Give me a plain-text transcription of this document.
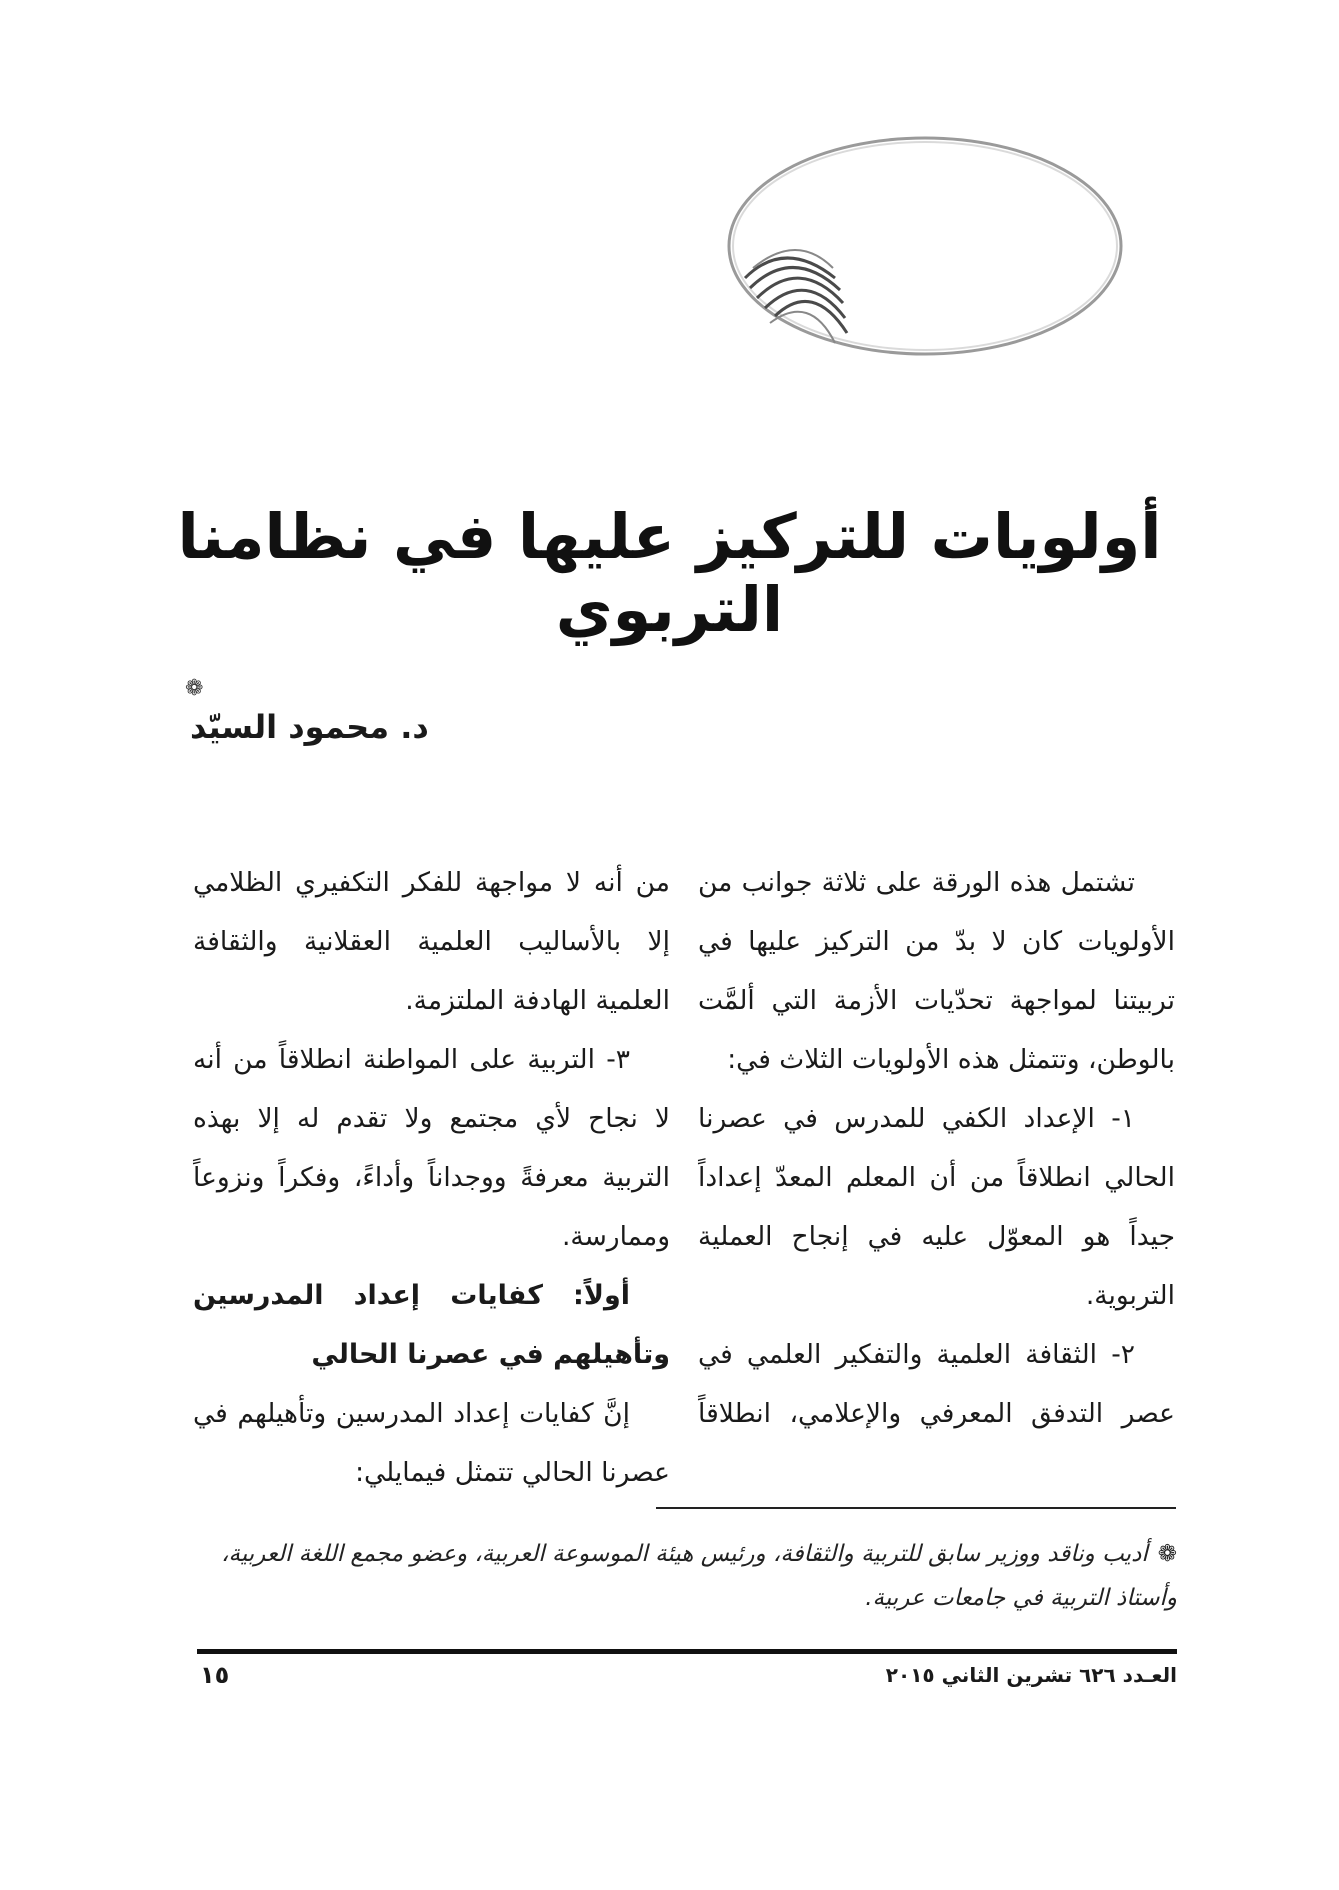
أولويات للتركيز عليها في نظامنا التربوي
❁
د. محمود السيّد

تشتمل هذه الورقة على ثلاثة جوانب من الأولويات كان لا بدّ من التركيز عليها في تربيتنا لمواجهة تحدّيات الأزمة التي ألمَّت بالوطن، وتتمثل هذه الأولويات الثلاث في:

١- الإعداد الكفي للمدرس في عصرنا الحالي انطلاقاً من أن المعلم المعدّ إعداداً جيداً هو المعوّل عليه في إنجاح العملية التربوية.

٢- الثقافة العلمية والتفكير العلمي في عصر التدفق المعرفي والإعلامي، انطلاقاً

من أنه لا مواجهة للفكر التكفيري الظلامي إلا بالأساليب العلمية العقلانية والثقافة العلمية الهادفة الملتزمة.

٣- التربية على المواطنة انطلاقاً من أنه لا نجاح لأي مجتمع ولا تقدم له إلا بهذه التربية معرفةً ووجداناً وأداءً، وفكراً ونزوعاً وممارسة.

أولاً: كفايات إعداد المدرسين وتأهيلهم في عصرنا الحالي

إنَّ كفايات إعداد المدرسين وتأهيلهم في عصرنا الحالي تتمثل فيمايلي:

❁أديب وناقد ووزير سابق للتربية والثقافة، ورئيس هيئة الموسوعة العربية، وعضو مجمع اللغة العربية، وأستاذ التربية في جامعات عربية.
العـدد ٦٢٦ تشرين الثاني ٢٠١٥
١٥
